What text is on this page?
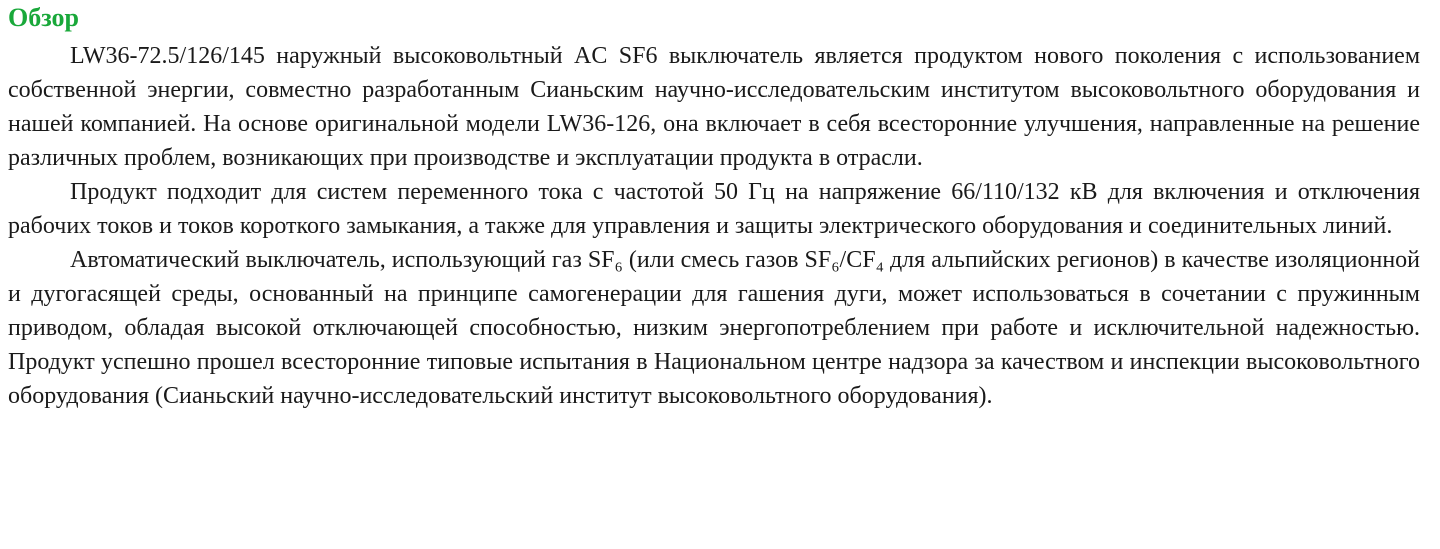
Обзор

LW36-72.5/126/145 наружный высоковольтный AC SF6 выключатель является продуктом нового поколения с использованием собственной энергии, совместно разработанным Сианьским научно-исследовательским институтом высоковольтного оборудования и нашей компанией. На основе оригинальной модели LW36-126, она включает в себя всесторонние улучшения, направленные на решение различных проблем, возникающих при производстве и эксплуатации продукта в отрасли.

Продукт подходит для систем переменного тока с частотой 50 Гц на напряжение 66/110/132 кВ для включения и отключения рабочих токов и токов короткого замыкания, а также для управления и защиты электрического оборудования и соединительных линий.

Автоматический выключатель, использующий газ SF₆ (или смесь газов SF₆/CF₄ для альпийских регионов) в качестве изоляционной и дугогасящей среды, основанный на принципе самогенерации для гашения дуги, может использоваться в сочетании с пружинным приводом, обладая высокой отключающей способностью, низким энергопотреблением при работе и исключительной надежностью. Продукт успешно прошел всесторонние типовые испытания в Национальном центре надзора за качеством и инспекции высоковольтного оборудования (Сианьский научно-исследовательский институт высоковольтного оборудования).
